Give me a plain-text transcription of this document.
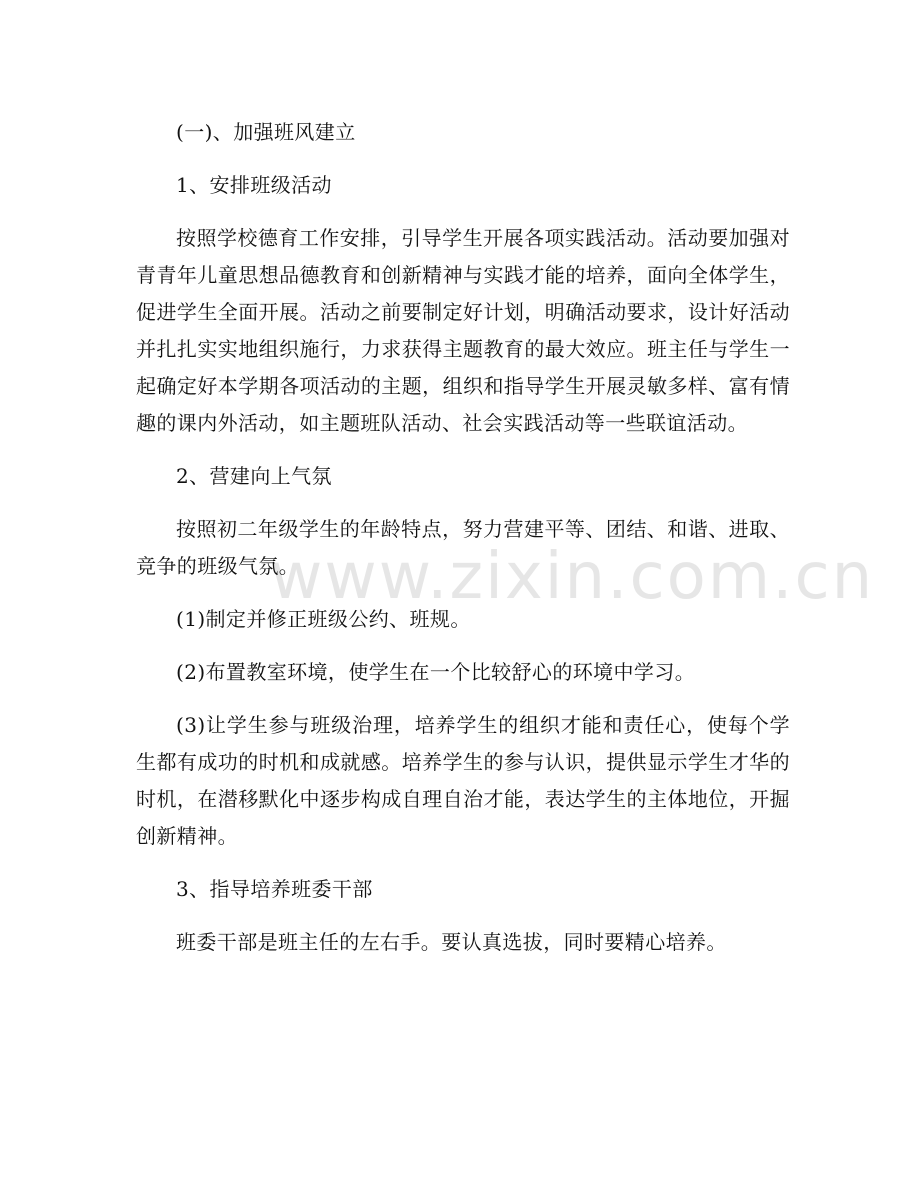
www.zixin.com.cn

(一)、加强班风建立

1、安排班级活动

按照学校德育工作安排，引导学生开展各项实践活动。活动要加强对青青年儿童思想品德教育和创新精神与实践才能的培养，面向全体学生，促进学生全面开展。活动之前要制定好计划，明确活动要求，设计好活动并扎扎实实地组织施行，力求获得主题教育的最大效应。班主任与学生一起确定好本学期各项活动的主题，组织和指导学生开展灵敏多样、富有情趣的课内外活动，如主题班队活动、社会实践活动等一些联谊活动。

2、营建向上气氛

按照初二年级学生的年龄特点，努力营建平等、团结、和谐、进取、竞争的班级气氛。

(1)制定并修正班级公约、班规。

(2)布置教室环境，使学生在一个比较舒心的环境中学习。

(3)让学生参与班级治理，培养学生的组织才能和责任心，使每个学生都有成功的时机和成就感。培养学生的参与认识，提供显示学生才华的时机，在潜移默化中逐步构成自理自治才能，表达学生的主体地位，开掘创新精神。

3、指导培养班委干部

班委干部是班主任的左右手。要认真选拔，同时要精心培养。
